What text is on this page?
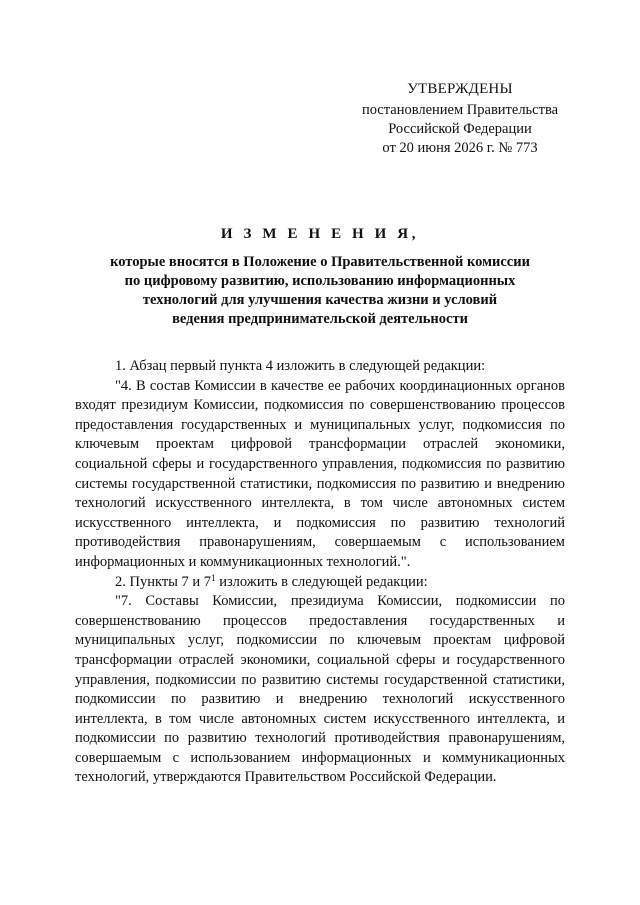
УТВЕРЖДЕНЫ
постановлением Правительства
Российской Федерации
от 20 июня 2026 г. № 773
И З М Е Н Е Н И Я,
которые вносятся в Положение о Правительственной комиссии
по цифровому развитию, использованию информационных
технологий для улучшения качества жизни и условий
ведения предпринимательской деятельности

1. Абзац первый пункта 4 изложить в следующей редакции:

"4. В состав Комиссии в качестве ее рабочих координационных органов входят президиум Комиссии, подкомиссия по совершенствованию процессов предоставления государственных и муниципальных услуг, подкомиссия по ключевым проектам цифровой трансформации отраслей экономики, социальной сферы и государственного управления, подкомиссия по развитию системы государственной статистики, подкомиссия по развитию и внедрению технологий искусственного интеллекта, в том числе автономных систем искусственного интеллекта, и подкомиссия по развитию технологий противодействия правонарушениям, совершаемым с использованием информационных и коммуникационных технологий.".

2. Пункты 7 и $7^1$ изложить в следующей редакции:

"7. Составы Комиссии, президиума Комиссии, подкомиссии по совершенствованию процессов предоставления государственных и муниципальных услуг, подкомиссии по ключевым проектам цифровой трансформации отраслей экономики, социальной сферы и государственного управления, подкомиссии по развитию системы государственной статистики, подкомиссии по развитию и внедрению технологий искусственного интеллекта, в том числе автономных систем искусственного интеллекта, и подкомиссии по развитию технологий противодействия правонарушениям, совершаемым с использованием информационных и коммуникационных технологий, утверждаются Правительством Российской Федерации.
